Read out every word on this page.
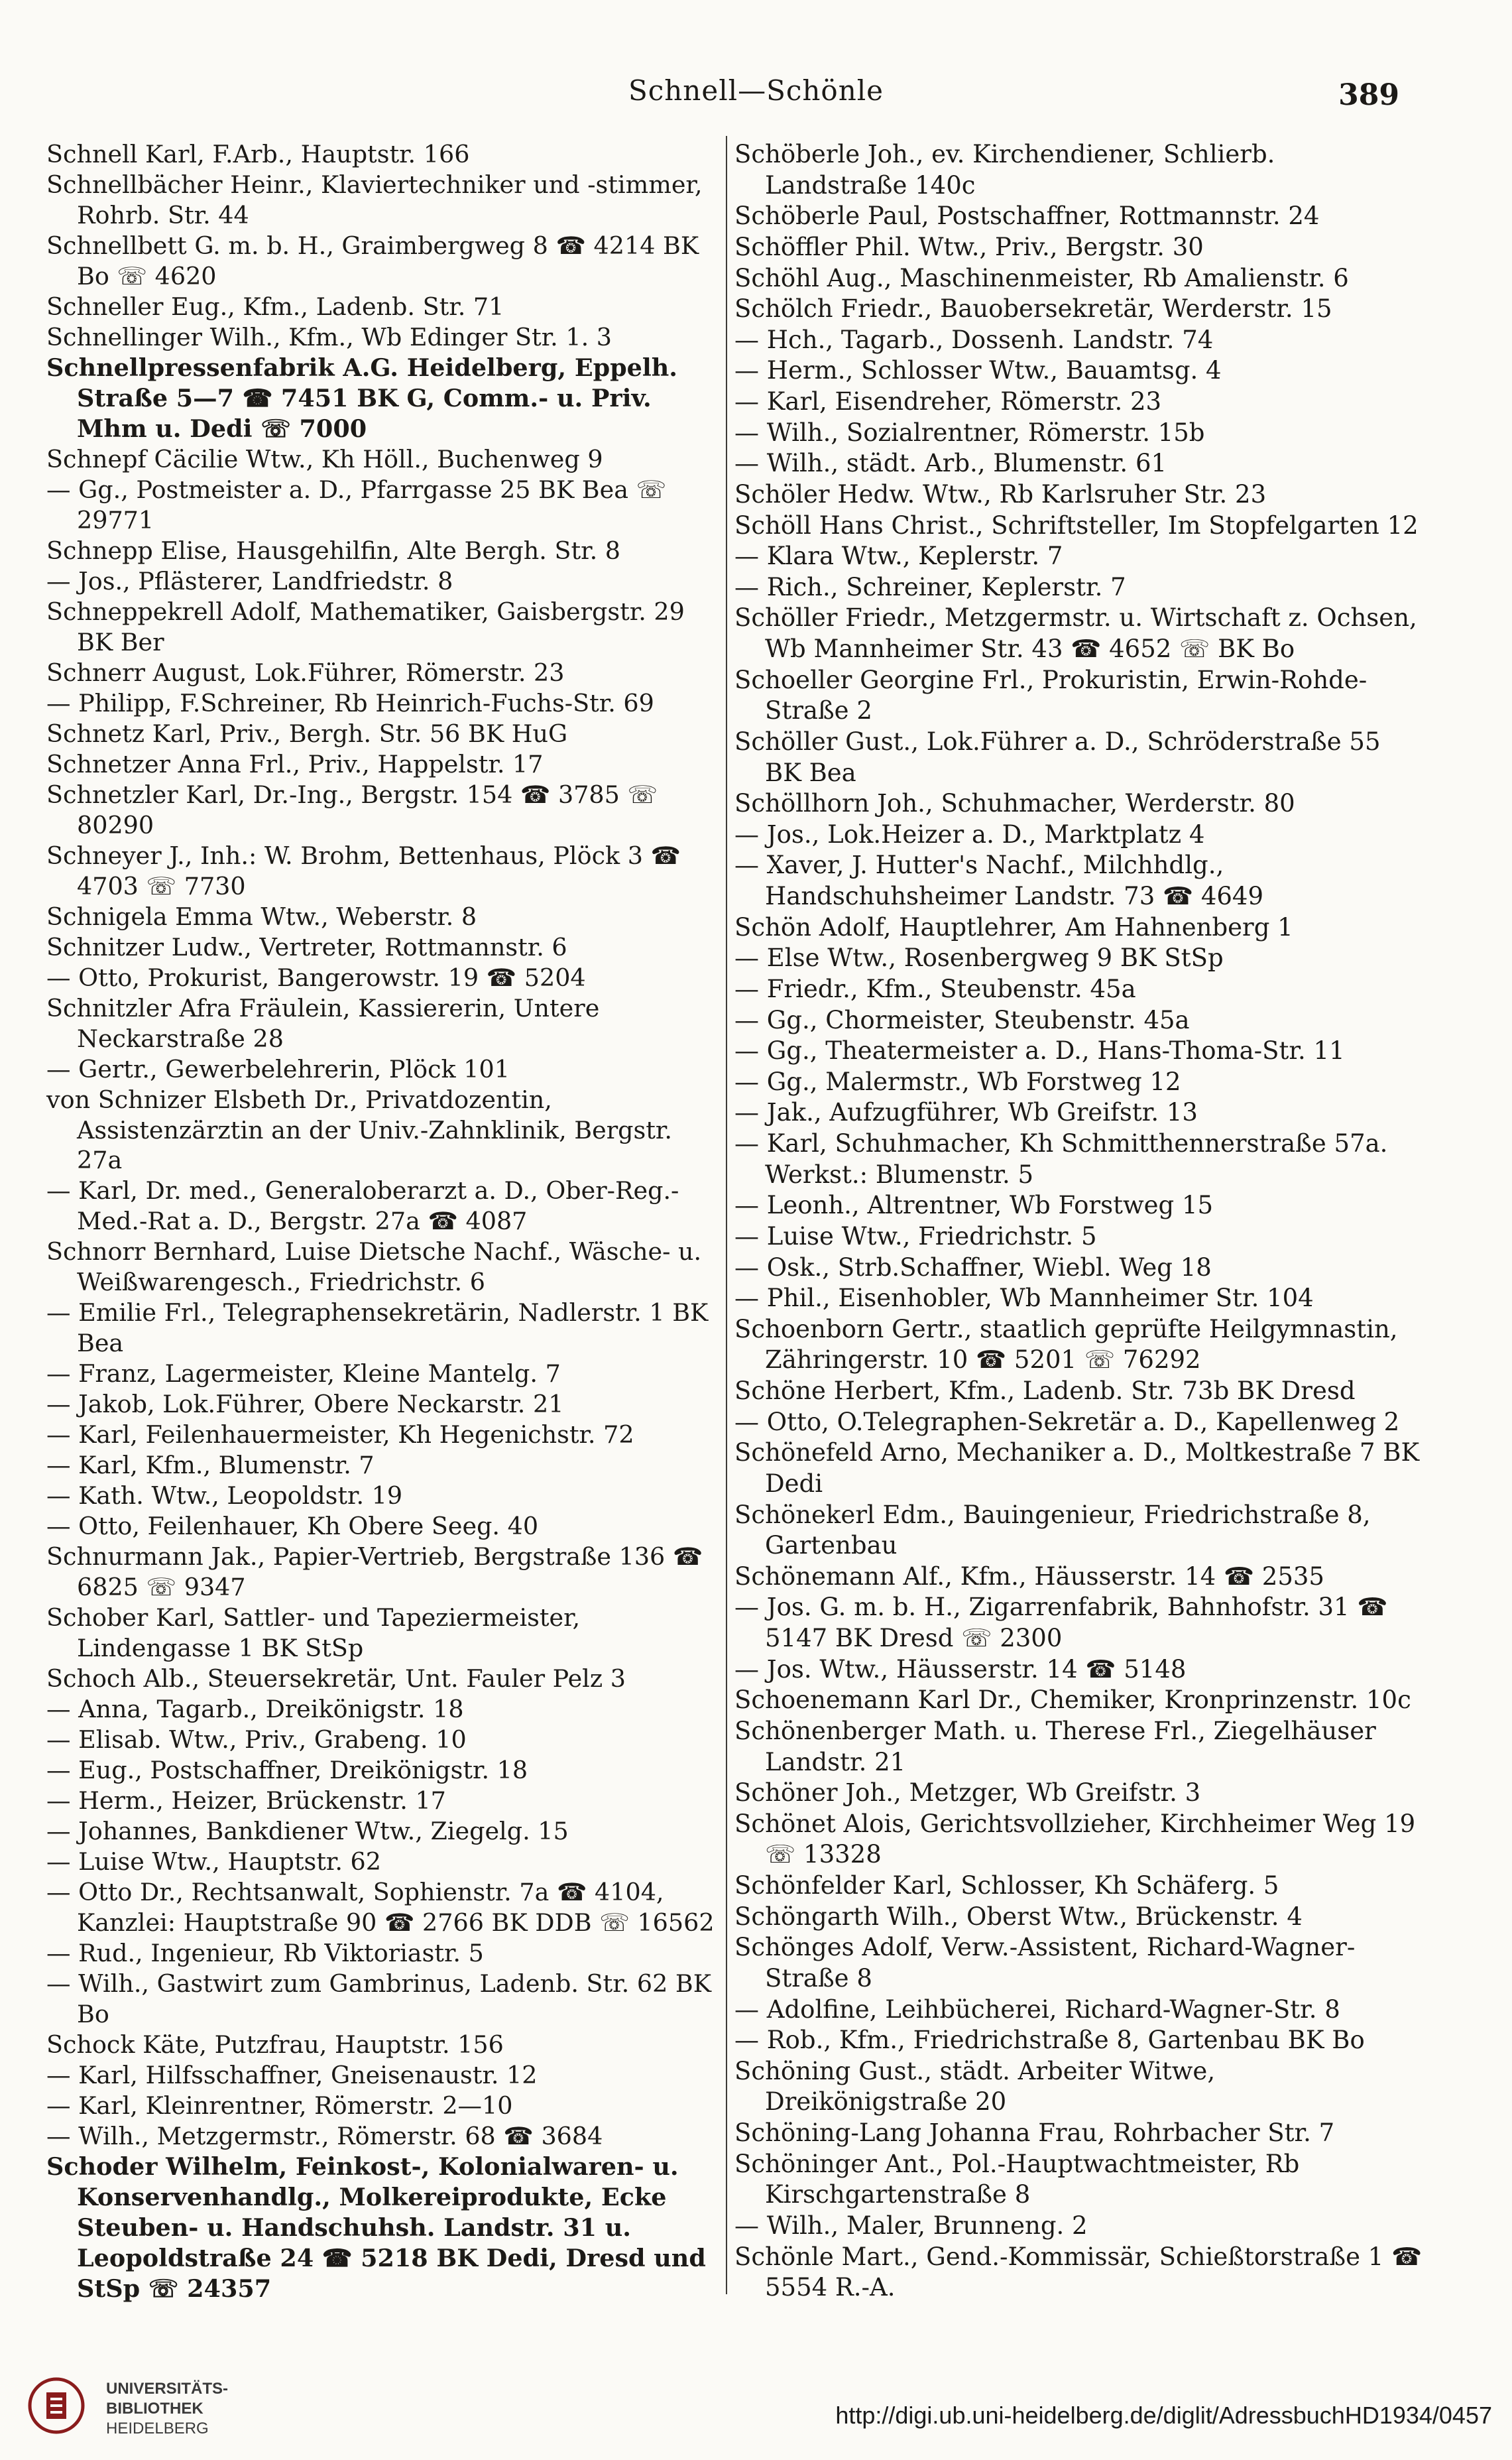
Schnell—Schönle	389

Schnell Karl, F.Arb., Hauptstr. 166

Schnellbächer Heinr., Klaviertechniker und -stimmer, Rohrb. Str. 44

Schnellbett G. m. b. H., Graimbergweg 8 ☎ 4214 BK Bo ☏ 4620

Schneller Eug., Kfm., Ladenb. Str. 71

Schnellinger Wilh., Kfm., Wb Edinger Str. 1. 3

Schnellpressenfabrik A.G. Heidelberg, Eppelh. Straße 5—7 ☎ 7451 BK G, Comm.- u. Priv. Mhm u. Dedi ☏ 7000

Schnepf Cäcilie Wtw., Kh Höll., Buchenweg 9

— Gg., Postmeister a. D., Pfarrgasse 25 BK Bea ☏ 29771

Schnepp Elise, Hausgehilfin, Alte Bergh. Str. 8

— Jos., Pflästerer, Landfriedstr. 8

Schneppekrell Adolf, Mathematiker, Gaisbergstr. 29 BK Ber

Schnerr August, Lok.Führer, Römerstr. 23

— Philipp, F.Schreiner, Rb Heinrich-Fuchs-Str. 69

Schnetz Karl, Priv., Bergh. Str. 56 BK HuG

Schnetzer Anna Frl., Priv., Happelstr. 17

Schnetzler Karl, Dr.-Ing., Bergstr. 154 ☎ 3785 ☏ 80290

Schneyer J., Inh.: W. Brohm, Bettenhaus, Plöck 3 ☎ 4703 ☏ 7730

Schnigela Emma Wtw., Weberstr. 8

Schnitzer Ludw., Vertreter, Rottmannstr. 6

— Otto, Prokurist, Bangerowstr. 19 ☎ 5204

Schnitzler Afra Fräulein, Kassiererin, Untere Neckarstraße 28

— Gertr., Gewerbelehrerin, Plöck 101

von Schnizer Elsbeth Dr., Privatdozentin, Assistenzärztin an der Univ.-Zahnklinik, Bergstr. 27a

— Karl, Dr. med., Generaloberarzt a. D., Ober-Reg.-Med.-Rat a. D., Bergstr. 27a ☎ 4087

Schnorr Bernhard, Luise Dietsche Nachf., Wäsche- u. Weißwarengesch., Friedrichstr. 6

— Emilie Frl., Telegraphensekretärin, Nadlerstr. 1 BK Bea

— Franz, Lagermeister, Kleine Mantelg. 7

— Jakob, Lok.Führer, Obere Neckarstr. 21

— Karl, Feilenhauermeister, Kh Hegenichstr. 72

— Karl, Kfm., Blumenstr. 7

— Kath. Wtw., Leopoldstr. 19

— Otto, Feilenhauer, Kh Obere Seeg. 40

Schnurmann Jak., Papier-Vertrieb, Bergstraße 136 ☎ 6825 ☏ 9347

Schober Karl, Sattler- und Tapeziermeister, Lindengasse 1 BK StSp

Schoch Alb., Steuersekretär, Unt. Fauler Pelz 3

— Anna, Tagarb., Dreikönigstr. 18

— Elisab. Wtw., Priv., Grabeng. 10

— Eug., Postschaffner, Dreikönigstr. 18

— Herm., Heizer, Brückenstr. 17

— Johannes, Bankdiener Wtw., Ziegelg. 15

— Luise Wtw., Hauptstr. 62

— Otto Dr., Rechtsanwalt, Sophienstr. 7a ☎ 4104, Kanzlei: Hauptstraße 90 ☎ 2766 BK DDB ☏ 16562

— Rud., Ingenieur, Rb Viktoriastr. 5

— Wilh., Gastwirt zum Gambrinus, Ladenb. Str. 62 BK Bo

Schock Käte, Putzfrau, Hauptstr. 156

— Karl, Hilfsschaffner, Gneisenaustr. 12

— Karl, Kleinrentner, Römerstr. 2—10

— Wilh., Metzgermstr., Römerstr. 68 ☎ 3684

Schoder Wilhelm, Feinkost-, Kolonialwaren- u. Konservenhandlg., Molkereiprodukte, Ecke Steuben- u. Handschuhsh. Landstr. 31 u. Leopoldstraße 24 ☎ 5218 BK Dedi, Dresd und StSp ☏ 24357

Schöberle Joh., ev. Kirchendiener, Schlierb. Landstraße 140c

Schöberle Paul, Postschaffner, Rottmannstr. 24

Schöffler Phil. Wtw., Priv., Bergstr. 30

Schöhl Aug., Maschinenmeister, Rb Amalienstr. 6

Schölch Friedr., Bauobersekretär, Werderstr. 15

— Hch., Tagarb., Dossenh. Landstr. 74

— Herm., Schlosser Wtw., Bauamtsg. 4

— Karl, Eisendreher, Römerstr. 23

— Wilh., Sozialrentner, Römerstr. 15b

— Wilh., städt. Arb., Blumenstr. 61

Schöler Hedw. Wtw., Rb Karlsruher Str. 23

Schöll Hans Christ., Schriftsteller, Im Stopfelgarten 12

— Klara Wtw., Keplerstr. 7

— Rich., Schreiner, Keplerstr. 7

Schöller Friedr., Metzgermstr. u. Wirtschaft z. Ochsen, Wb Mannheimer Str. 43 ☎ 4652 ☏ BK Bo

Schoeller Georgine Frl., Prokuristin, Erwin-Rohde-Straße 2

Schöller Gust., Lok.Führer a. D., Schröderstraße 55 BK Bea

Schöllhorn Joh., Schuhmacher, Werderstr. 80

— Jos., Lok.Heizer a. D., Marktplatz 4

— Xaver, J. Hutter's Nachf., Milchhdlg., Handschuhsheimer Landstr. 73 ☎ 4649

Schön Adolf, Hauptlehrer, Am Hahnenberg 1

— Else Wtw., Rosenbergweg 9 BK StSp

— Friedr., Kfm., Steubenstr. 45a

— Gg., Chormeister, Steubenstr. 45a

— Gg., Theatermeister a. D., Hans-Thoma-Str. 11

— Gg., Malermstr., Wb Forstweg 12

— Jak., Aufzugführer, Wb Greifstr. 13

— Karl, Schuhmacher, Kh Schmitthennerstraße 57a. Werkst.: Blumenstr. 5

— Leonh., Altrentner, Wb Forstweg 15

— Luise Wtw., Friedrichstr. 5

— Osk., Strb.Schaffner, Wiebl. Weg 18

— Phil., Eisenhobler, Wb Mannheimer Str. 104

Schoenborn Gertr., staatlich geprüfte Heilgymnastin, Zähringerstr. 10 ☎ 5201 ☏ 76292

Schöne Herbert, Kfm., Ladenb. Str. 73b BK Dresd

— Otto, O.Telegraphen-Sekretär a. D., Kapellenweg 2

Schönefeld Arno, Mechaniker a. D., Moltkestraße 7 BK Dedi

Schönekerl Edm., Bauingenieur, Friedrichstraße 8, Gartenbau

Schönemann Alf., Kfm., Häusserstr. 14 ☎ 2535

— Jos. G. m. b. H., Zigarrenfabrik, Bahnhofstr. 31 ☎ 5147 BK Dresd ☏ 2300

— Jos. Wtw., Häusserstr. 14 ☎ 5148

Schoenemann Karl Dr., Chemiker, Kronprinzenstr. 10c

Schönenberger Math. u. Therese Frl., Ziegelhäuser Landstr. 21

Schöner Joh., Metzger, Wb Greifstr. 3

Schönet Alois, Gerichtsvollzieher, Kirchheimer Weg 19 ☏ 13328

Schönfelder Karl, Schlosser, Kh Schäferg. 5

Schöngarth Wilh., Oberst Wtw., Brückenstr. 4

Schönges Adolf, Verw.-Assistent, Richard-Wagner-Straße 8

— Adolfine, Leihbücherei, Richard-Wagner-Str. 8

— Rob., Kfm., Friedrichstraße 8, Gartenbau BK Bo

Schöning Gust., städt. Arbeiter Witwe, Dreikönigstraße 20

Schöning-Lang Johanna Frau, Rohrbacher Str. 7

Schöninger Ant., Pol.-Hauptwachtmeister, Rb Kirschgartenstraße 8

— Wilh., Maler, Brunneng. 2

Schönle Mart., Gend.-Kommissär, Schießtorstraße 1 ☎ 5554 R.-A.

UNIVERSITÄTS-
BIBLIOTHEK
HEIDELBERG	http://digi.ub.uni-heidelberg.de/diglit/AdressbuchHD1934/0457
